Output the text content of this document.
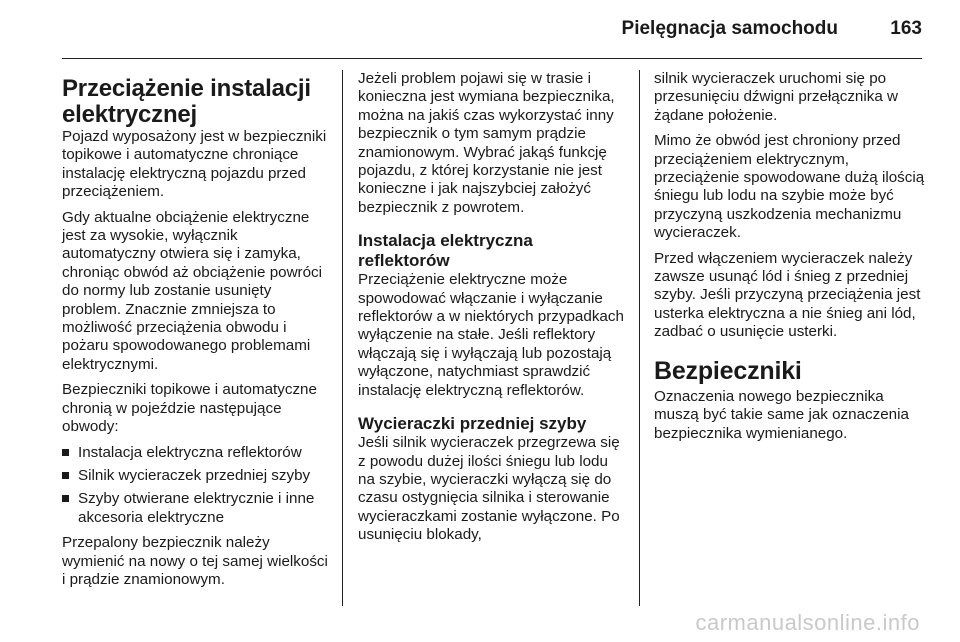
Pielęgnacja samochodu	163
Przeciążenie instalacji elektrycznej

Pojazd wyposażony jest w bezpieczniki topikowe i automatyczne chroniące instalację elektryczną pojazdu przed przeciążeniem.

Gdy aktualne obciążenie elektryczne jest za wysokie, wyłącznik automatyczny otwiera się i zamyka, chroniąc obwód aż obciążenie powróci do normy lub zostanie usunięty problem. Znacznie zmniejsza to możliwość przeciążenia obwodu i pożaru spowodowanego problemami elektrycznymi.

Bezpieczniki topikowe i automatyczne chronią w pojeździe następujące obwody:

Instalacja elektryczna reflektorów
Silnik wycieraczek przedniej szyby
Szyby otwierane elektrycznie i inne akcesoria elektryczne

Przepalony bezpiecznik należy wymienić na nowy o tej samej wielkości i prądzie znamionowym.

Jeżeli problem pojawi się w trasie i konieczna jest wymiana bezpiecznika, można na jakiś czas wykorzystać inny bezpiecznik o tym samym prądzie znamionowym. Wybrać jakąś funkcję pojazdu, z której korzystanie nie jest konieczne i jak najszybciej założyć bezpiecznik z powrotem.

Instalacja elektryczna reflektorów

Przeciążenie elektryczne może spowodować włączanie i wyłączanie reflektorów a w niektórych przypadkach wyłączenie na stałe. Jeśli reflektory włączają się i wyłączają lub pozostają wyłączone, natychmiast sprawdzić instalację elektryczną reflektorów.

Wycieraczki przedniej szyby

Jeśli silnik wycieraczek przegrzewa się z powodu dużej ilości śniegu lub lodu na szybie, wycieraczki wyłączą się do czasu ostygnięcia silnika i sterowanie wycieraczkami zostanie wyłączone. Po usunięciu blokady,

silnik wycieraczek uruchomi się po przesunięciu dźwigni przełącznika w żądane położenie.

Mimo że obwód jest chroniony przed przeciążeniem elektrycznym, przeciążenie spowodowane dużą ilością śniegu lub lodu na szybie może być przyczyną uszkodzenia mechanizmu wycieraczek.

Przed włączeniem wycieraczek należy zawsze usunąć lód i śnieg z przedniej szyby. Jeśli przyczyną przeciążenia jest usterka elektryczna a nie śnieg ani lód, zadbać o usunięcie usterki.

Bezpieczniki

Oznaczenia nowego bezpiecznika muszą być takie same jak oznaczenia bezpiecznika wymienianego.

carmanualsonline.info
